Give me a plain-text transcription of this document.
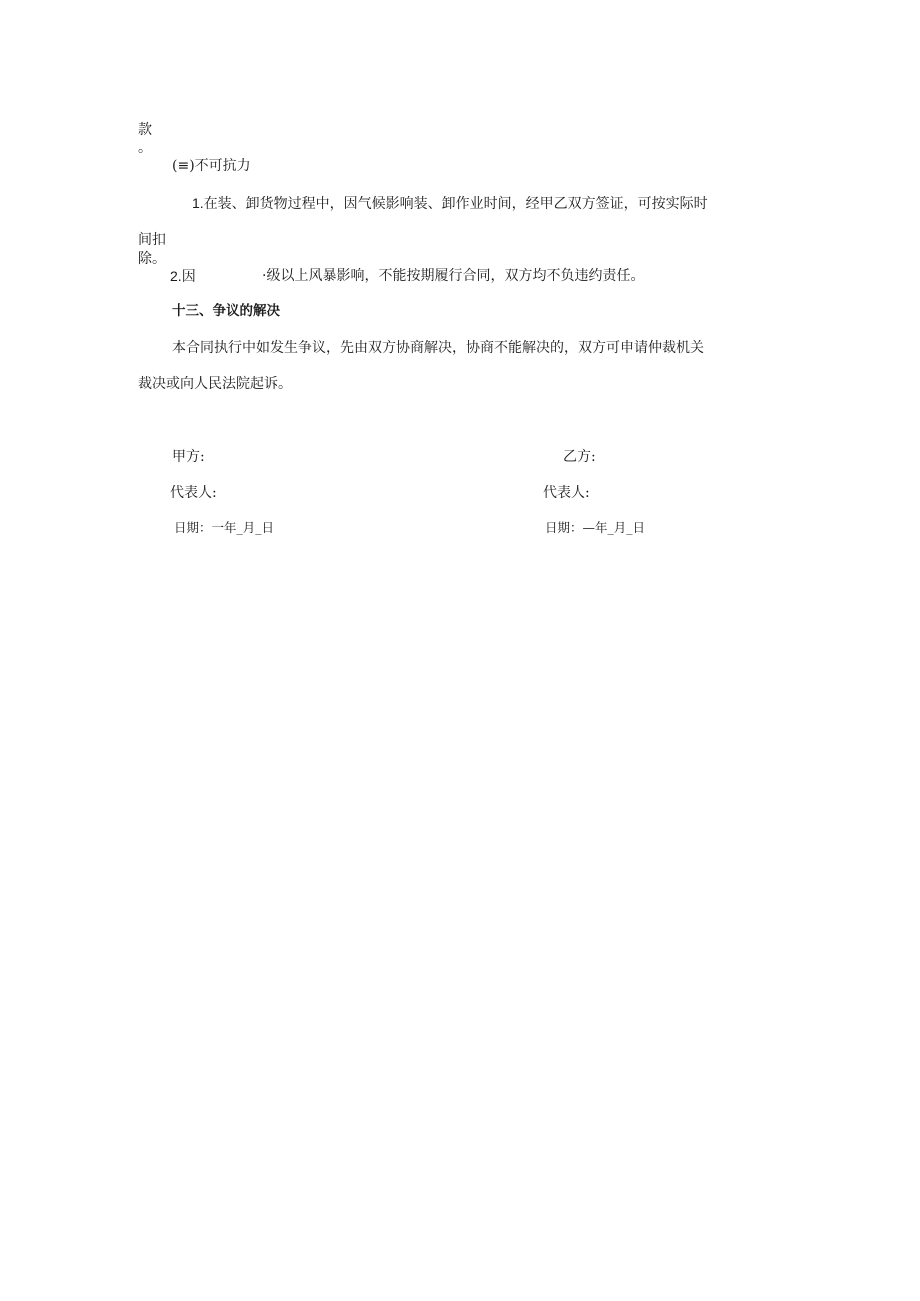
款
。
(≡)不可抗力
1.在装、卸货物过程中，因气候影响装、卸作业时间，经甲乙双方签证，可按实际时
间扣
除。
2.因	·级以上风暴影响，不能按期履行合同，双方均不负违约责任。
十三、争议的解决
本合同执行中如发生争议，先由双方协商解决，协商不能解决的，双方可申请仲裁机关
裁决或向人民法院起诉。
甲方:	乙方:
代表人:	代表人:
日期：一年_月_日	日期：—年_月_日
